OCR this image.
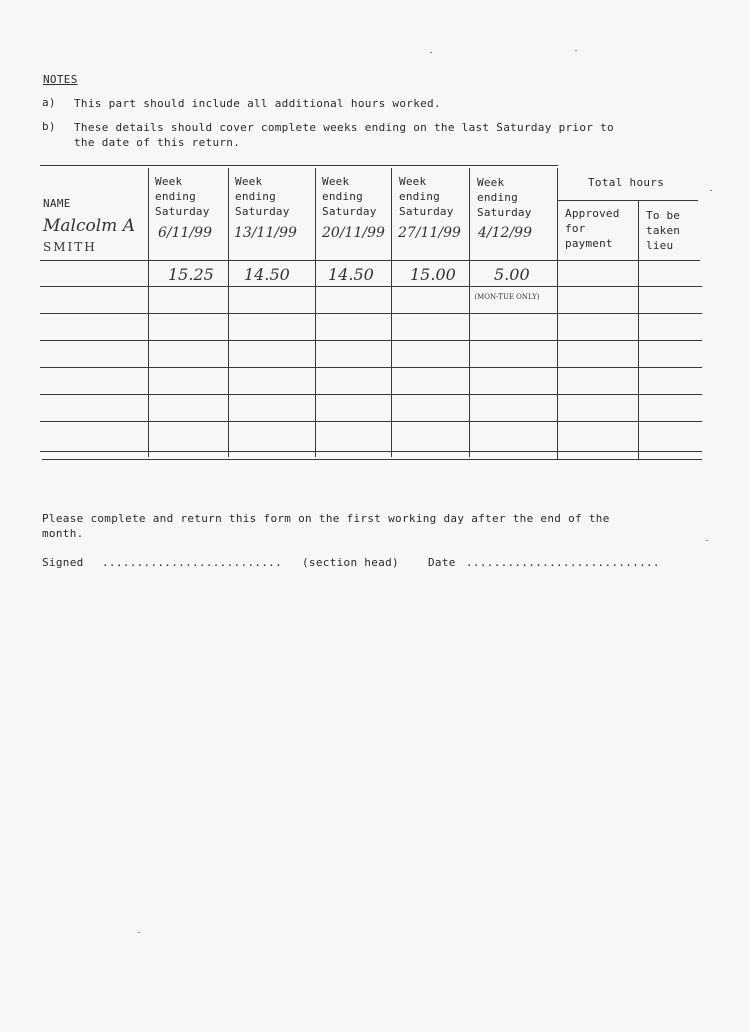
NOTES
a) This part should include all additional hours worked.
b) These details should cover complete weeks ending on the last Saturday prior to
the date of this return.
NAME
Week
ending
Saturday
Week
ending
Saturday
Week
ending
Saturday
Week
ending
Saturday
Week
ending
Saturday
Total hours
Approved
for
payment
To be
taken
lieu
Malcolm A
SMITH
6/11/99 13/11/99 20/11/99 27/11/99 4/12/99
15.25 14.50 14.50 15.00 5.00
(MON-TUE ONLY)
Please complete and return this form on the first working day after the end of the
month.
Signed .......................... (section head)	Date ............................
